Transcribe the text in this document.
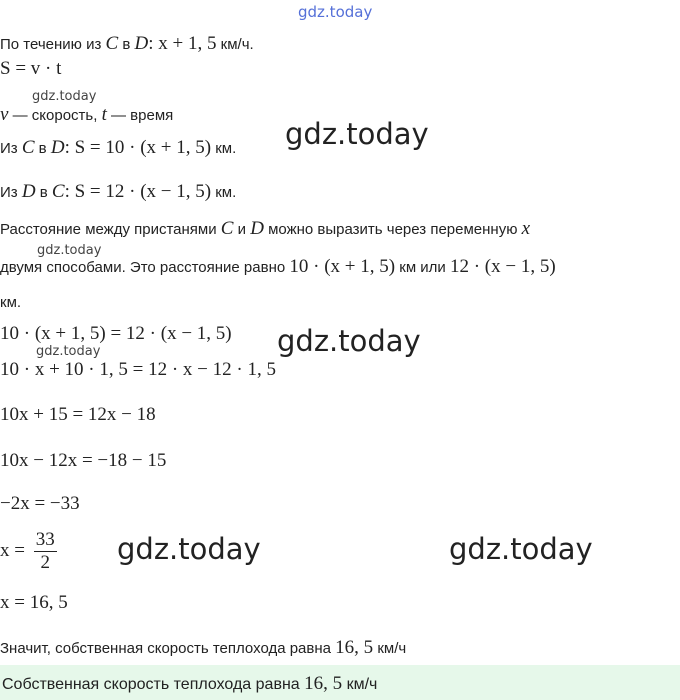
gdz.today
gdz.today
gdz.today
gdz.today
gdz.today
gdz.today
gdz.today	gdz.today
По течению из C в D: x + 1, 5 км/ч.
S = v · t
v — скорость, t — время
Из C в D: S = 10 · (x + 1, 5) км.
Из D в C: S = 12 · (x − 1, 5) км.
Расстояние между пристанями C и D можно выразить через переменную x
двумя способами. Это расстояние равно 10 · (x + 1, 5) км или 12 · (x − 1, 5)
км.
10 · (x + 1, 5) = 12 · (x − 1, 5)
10 · x + 10 · 1, 5 = 12 · x − 12 · 1, 5
10x + 15 = 12x − 18
10x − 12x = −18 − 15
−2x = −33
$x = \frac{33}{2}$
x = 16, 5
Значит, собственная скорость теплохода равна 16, 5 км/ч
Собственная скорость теплохода равна 16, 5 км/ч
